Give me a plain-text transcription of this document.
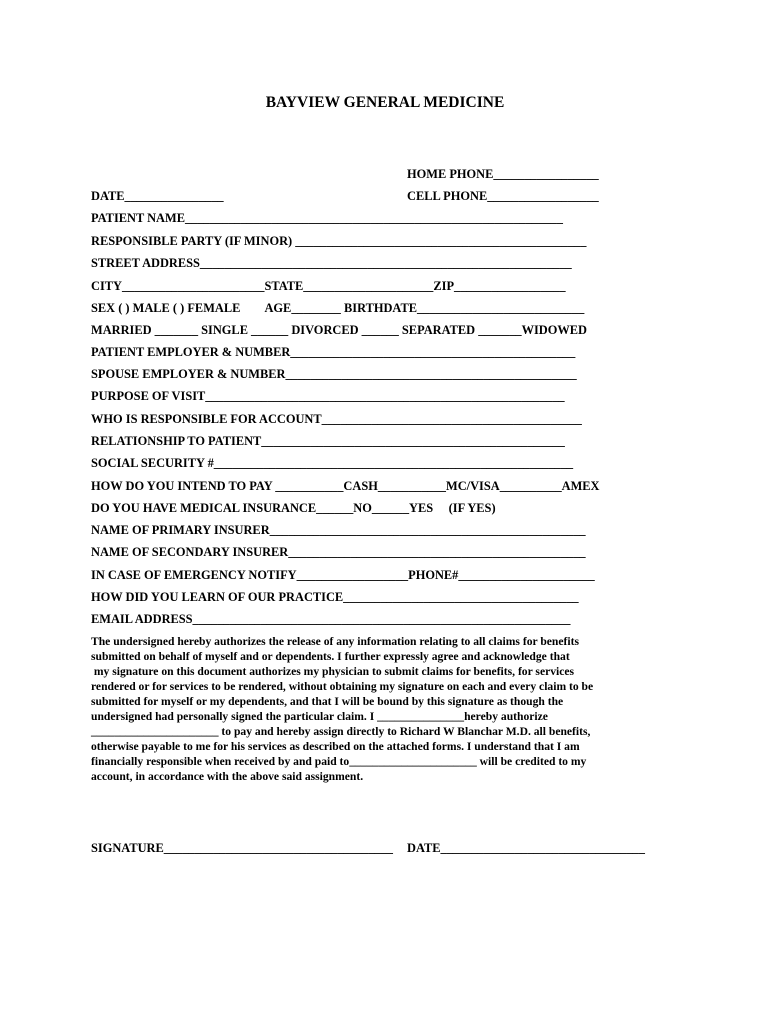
BAYVIEW GENERAL MEDICINE

HOME PHONE_________________

DATE________________	CELL PHONE__________________

PATIENT NAME_____________________________________________________________

RESPONSIBLE PARTY (IF MINOR) _______________________________________________

STREET ADDRESS____________________________________________________________

CITY_______________________STATE_____________________ZIP__________________

SEX ( ) MALE ( ) FEMALE        AGE________ BIRTHDATE___________________________

MARRIED _______ SINGLE ______ DIVORCED ______ SEPARATED _______WIDOWED

PATIENT EMPLOYER & NUMBER______________________________________________

SPOUSE EMPLOYER & NUMBER_______________________________________________

PURPOSE OF VISIT__________________________________________________________

WHO IS RESPONSIBLE FOR ACCOUNT__________________________________________

RELATIONSHIP TO PATIENT_________________________________________________

SOCIAL SECURITY #__________________________________________________________

HOW DO YOU INTEND TO PAY ___________CASH___________MC/VISA__________AMEX

DO YOU HAVE MEDICAL INSURANCE______NO______YES     (IF YES)

NAME OF PRIMARY INSURER___________________________________________________

NAME OF SECONDARY INSURER________________________________________________

IN CASE OF EMERGENCY NOTIFY__________________PHONE#______________________

HOW DID YOU LEARN OF OUR PRACTICE______________________________________

EMAIL ADDRESS_____________________________________________________________

The undersigned hereby authorizes the release of any information relating to all claims for benefits
submitted on behalf of myself and or dependents. I further expressly agree and acknowledge that
my signature on this document authorizes my physician to submit claims for benefits, for services
rendered or for services to be rendered, without obtaining my signature on each and every claim to be
submitted for myself or my dependents, and that I will be bound by this signature as though the
undersigned had personally signed the particular claim. I _______________hereby authorize
______________________ to pay and hereby assign directly to Richard W Blanchar M.D. all benefits,
otherwise payable to me for his services as described on the attached forms. I understand that I am
financially responsible when received by and paid to______________________ will be credited to my
account, in accordance with the above said assignment.

SIGNATURE_____________________________________ DATE_________________________________
